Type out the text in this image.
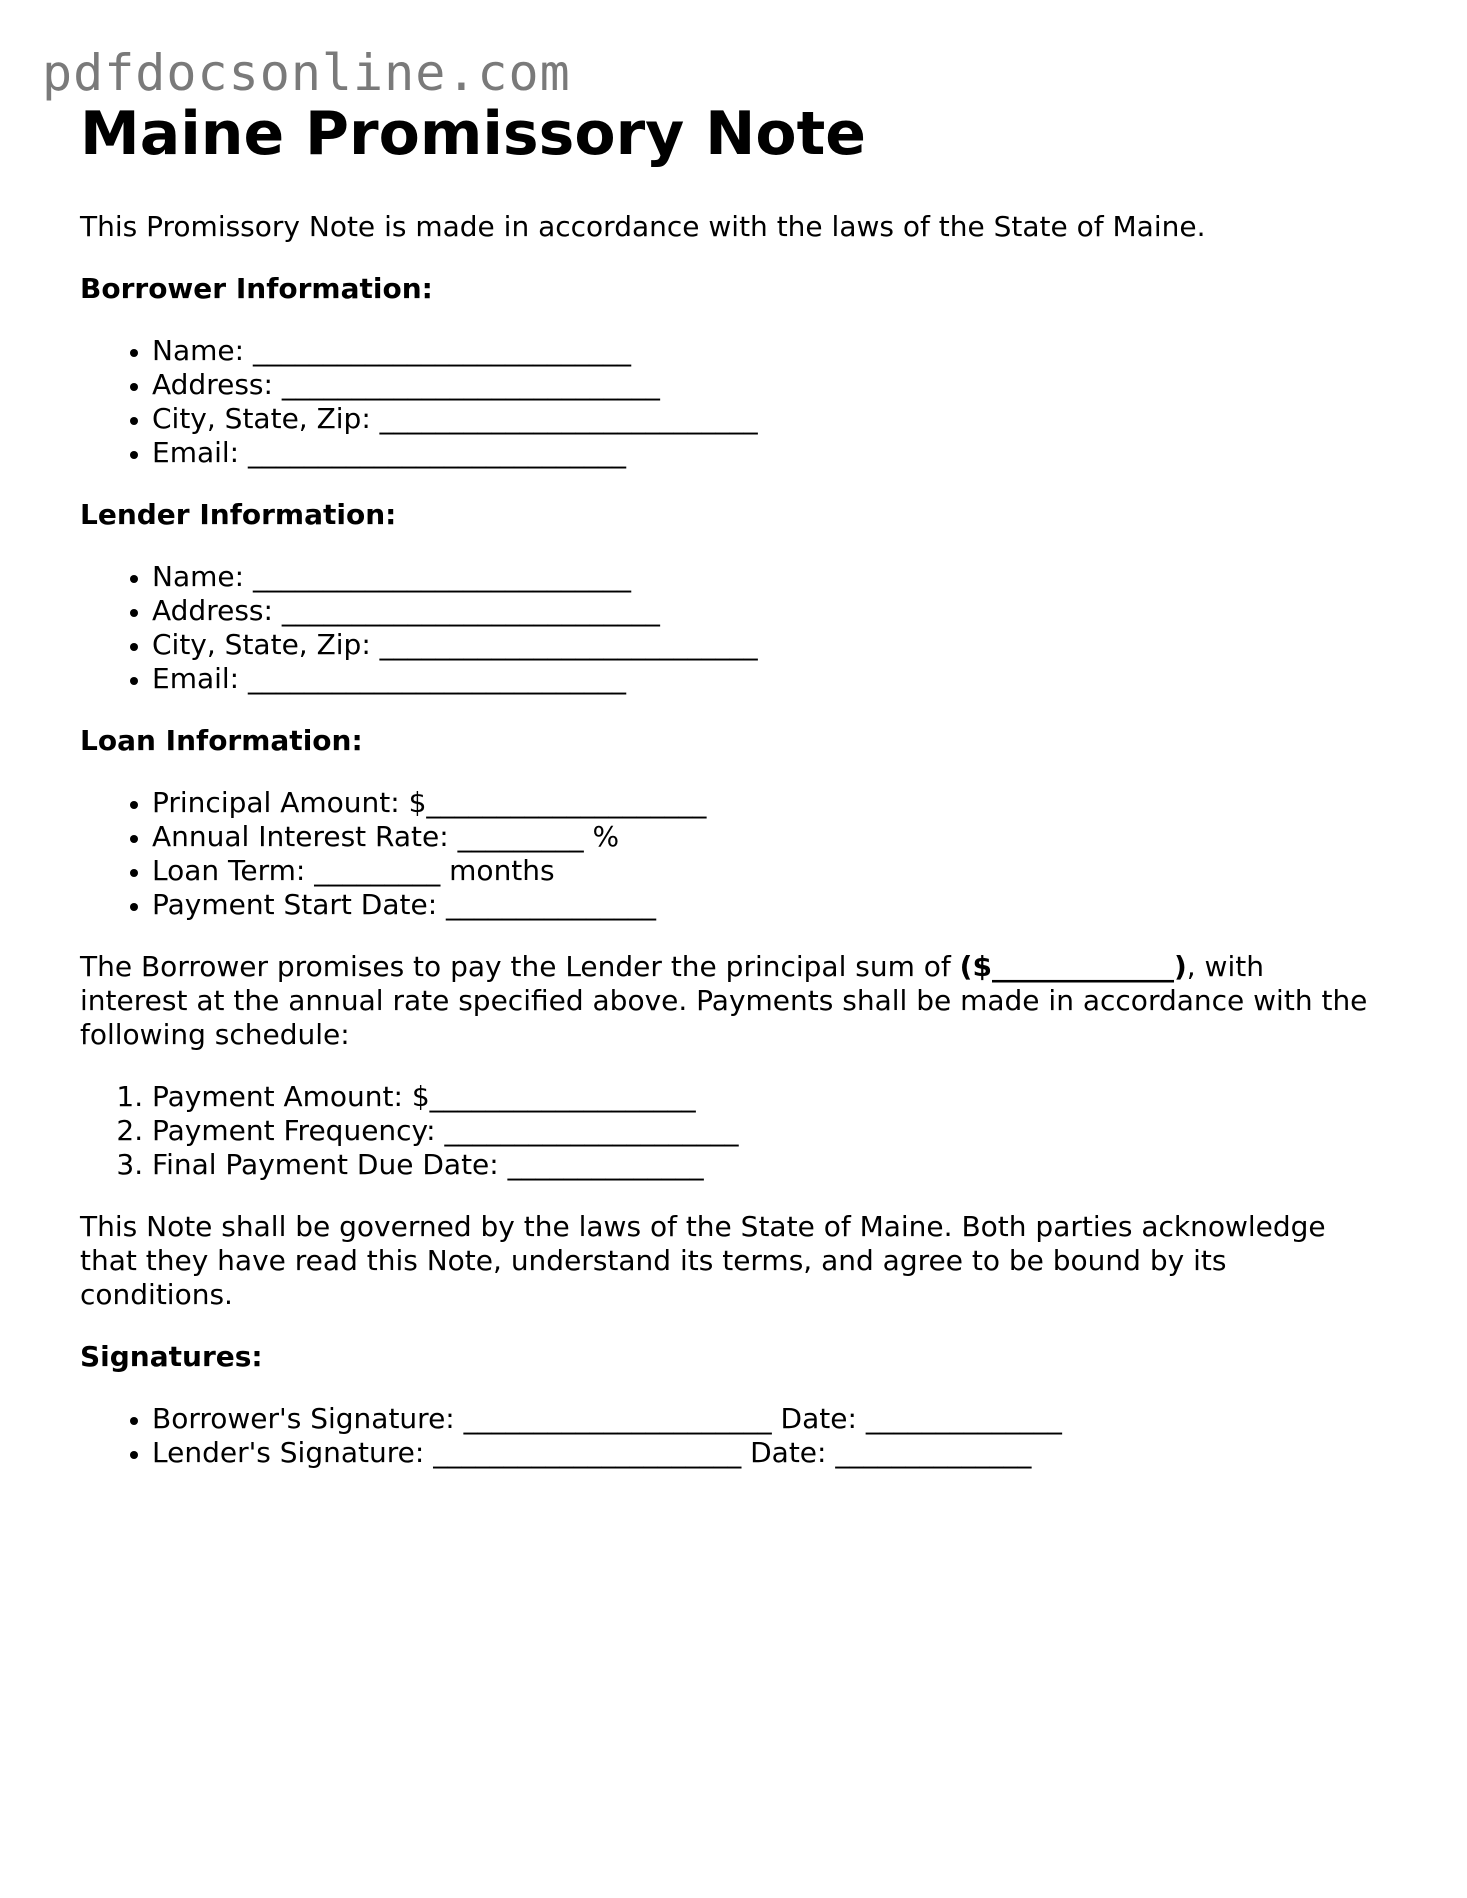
pdfdocsonline.com
Maine Promissory Note

This Promissory Note is made in accordance with the laws of the State of Maine.

Borrower Information:
• Name: ___________________________
• Address: ___________________________
• City, State, Zip: ___________________________
• Email: ___________________________
Lender Information:
• Name: ___________________________
• Address: ___________________________
• City, State, Zip: ___________________________
• Email: ___________________________
Loan Information:
• Principal Amount: $____________________
• Annual Interest Rate: _________ %
• Loan Term: _________ months
• Payment Start Date: _______________

The Borrower promises to pay the Lender the principal sum of ($_____________), with interest at the annual rate specified above. Payments shall be made in accordance with the following schedule:

1. Payment Amount: $___________________
2. Payment Frequency: _____________________
3. Final Payment Due Date: ______________

This Note shall be governed by the laws of the State of Maine. Both parties acknowledge that they have read this Note, understand its terms, and agree to be bound by its conditions.

Signatures:
• Borrower's Signature: ______________________ Date: ______________
• Lender's Signature: ______________________ Date: ______________
